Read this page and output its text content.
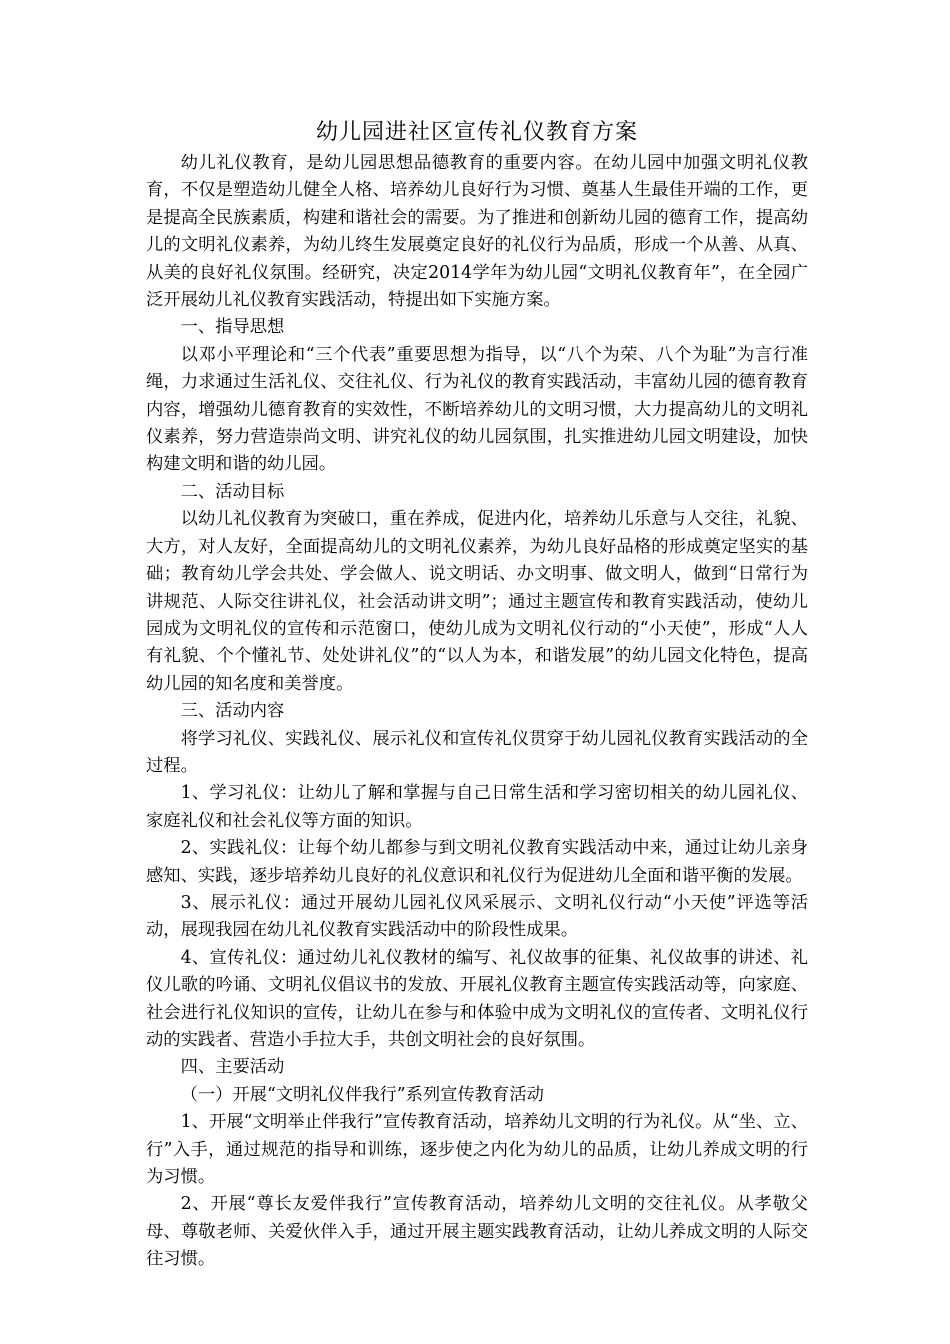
幼儿园进社区宣传礼仪教育方案

幼儿礼仪教育，是幼儿园思想品德教育的重要内容。在幼儿园中加强文明礼仪教育，不仅是塑造幼儿健全人格、培养幼儿良好行为习惯、奠基人生最佳开端的工作，更是提高全民族素质，构建和谐社会的需要。为了推进和创新幼儿园的德育工作，提高幼儿的文明礼仪素养，为幼儿终生发展奠定良好的礼仪行为品质，形成一个从善、从真、从美的良好礼仪氛围。经研究，决定2014学年为幼儿园“文明礼仪教育年”，在全园广泛开展幼儿礼仪教育实践活动，特提出如下实施方案。

一、指导思想

以邓小平理论和“三个代表”重要思想为指导，以“八个为荣、八个为耻”为言行准绳，力求通过生活礼仪、交往礼仪、行为礼仪的教育实践活动，丰富幼儿园的德育教育内容，增强幼儿德育教育的实效性，不断培养幼儿的文明习惯，大力提高幼儿的文明礼仪素养，努力营造崇尚文明、讲究礼仪的幼儿园氛围，扎实推进幼儿园文明建设，加快构建文明和谐的幼儿园。

二、活动目标

以幼儿礼仪教育为突破口，重在养成，促进内化，培养幼儿乐意与人交往，礼貌、大方，对人友好，全面提高幼儿的文明礼仪素养，为幼儿良好品格的形成奠定坚实的基础；教育幼儿学会共处、学会做人、说文明话、办文明事、做文明人，做到“日常行为讲规范、人际交往讲礼仪，社会活动讲文明”；通过主题宣传和教育实践活动，使幼儿园成为文明礼仪的宣传和示范窗口，使幼儿成为文明礼仪行动的“小天使”，形成“人人有礼貌、个个懂礼节、处处讲礼仪”的“以人为本，和谐发展”的幼儿园文化特色，提高幼儿园的知名度和美誉度。

三、活动内容

将学习礼仪、实践礼仪、展示礼仪和宣传礼仪贯穿于幼儿园礼仪教育实践活动的全过程。

1、学习礼仪：让幼儿了解和掌握与自己日常生活和学习密切相关的幼儿园礼仪、家庭礼仪和社会礼仪等方面的知识。

2、实践礼仪：让每个幼儿都参与到文明礼仪教育实践活动中来，通过让幼儿亲身感知、实践，逐步培养幼儿良好的礼仪意识和礼仪行为促进幼儿全面和谐平衡的发展。

3、展示礼仪：通过开展幼儿园礼仪风采展示、文明礼仪行动“小天使”评选等活动，展现我园在幼儿礼仪教育实践活动中的阶段性成果。

4、宣传礼仪：通过幼儿礼仪教材的编写、礼仪故事的征集、礼仪故事的讲述、礼仪儿歌的吟诵、文明礼仪倡议书的发放、开展礼仪教育主题宣传实践活动等，向家庭、社会进行礼仪知识的宣传，让幼儿在参与和体验中成为文明礼仪的宣传者、文明礼仪行动的实践者、营造小手拉大手，共创文明社会的良好氛围。

四、主要活动

（一）开展“文明礼仪伴我行”系列宣传教育活动

1、开展“文明举止伴我行”宣传教育活动，培养幼儿文明的行为礼仪。从“坐、立、行”入手，通过规范的指导和训练，逐步使之内化为幼儿的品质，让幼儿养成文明的行为习惯。

2、开展“尊长友爱伴我行”宣传教育活动，培养幼儿文明的交往礼仪。从孝敬父母、尊敬老师、关爱伙伴入手，通过开展主题实践教育活动，让幼儿养成文明的人际交往习惯。
